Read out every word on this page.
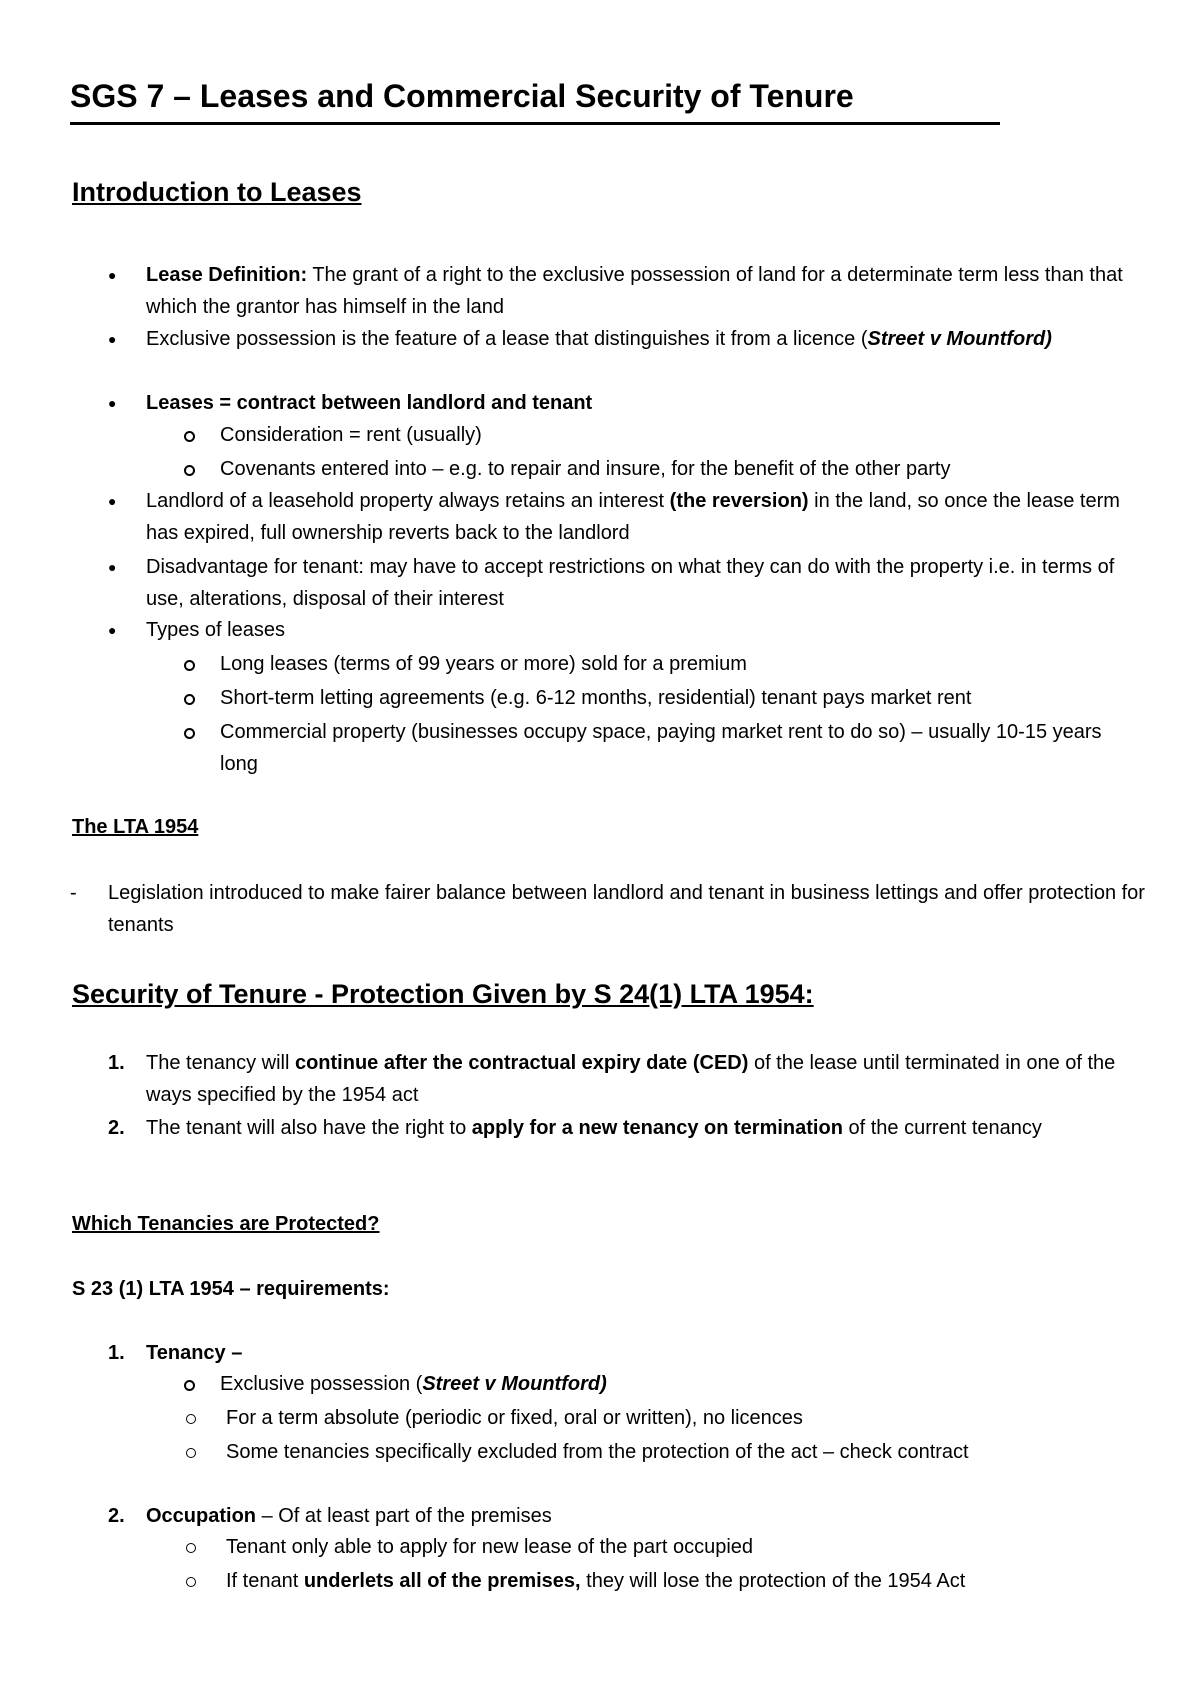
SGS 7 – Leases and Commercial Security of Tenure
Introduction to Leases
● Lease Definition: The grant of a right to the exclusive possession of land for a determinate term less than that which the grantor has himself in the land
● Exclusive possession is the feature of a lease that distinguishes it from a licence (Street v Mountford)
● Leases = contract between landlord and tenant
Consideration = rent (usually)
Covenants entered into – e.g. to repair and insure, for the benefit of the other party
● Landlord of a leasehold property always retains an interest (the reversion) in the land, so once the lease term has expired, full ownership reverts back to the landlord
● Disadvantage for tenant: may have to accept restrictions on what they can do with the property i.e. in terms of use, alterations, disposal of their interest
● Types of leases
Long leases (terms of 99 years or more) sold for a premium
Short-term letting agreements (e.g. 6-12 months, residential) tenant pays market rent
Commercial property (businesses occupy space, paying market rent to do so) – usually 10-15 years long
The LTA 1954
- Legislation introduced to make fairer balance between landlord and tenant in business lettings and offer protection for tenants
Security of Tenure - Protection Given by S 24(1) LTA 1954:
1. The tenancy will continue after the contractual expiry date (CED) of the lease until terminated in one of the ways specified by the 1954 act
2. The tenant will also have the right to apply for a new tenancy on termination of the current tenancy
Which Tenancies are Protected?

S 23 (1) LTA 1954 – requirements:

1. Tenancy –
Exclusive possession (Street v Mountford)
For a term absolute (periodic or fixed, oral or written), no licences
Some tenancies specifically excluded from the protection of the act – check contract
2. Occupation – Of at least part of the premises
Tenant only able to apply for new lease of the part occupied
If tenant underlets all of the premises, they will lose the protection of the 1954 Act
